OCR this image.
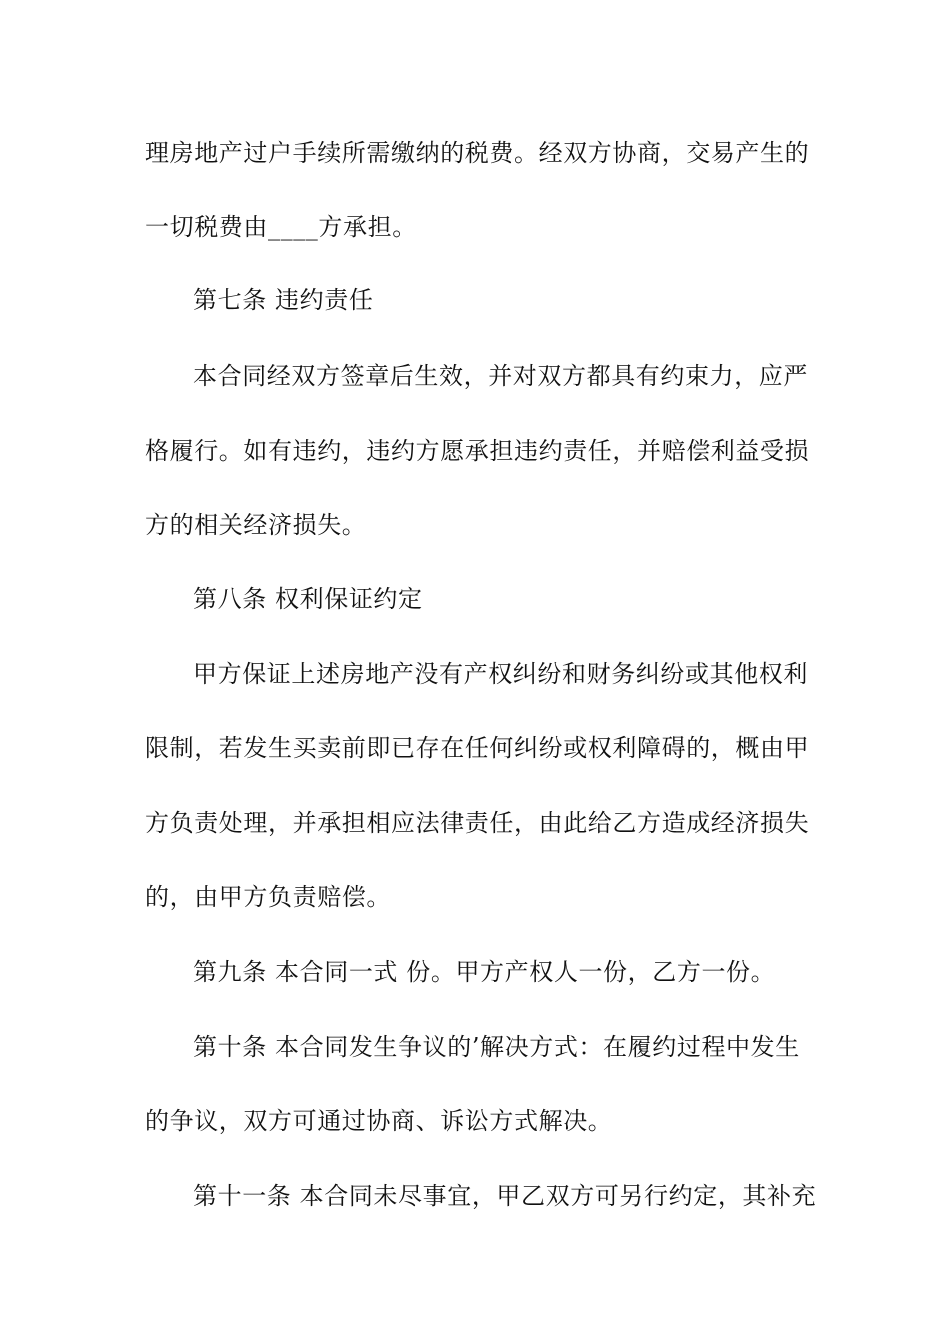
理房地产过户手续所需缴纳的税费。经双方协商，交易产生的
一切税费由____方承担。
第七条 违约责任
本合同经双方签章后生效，并对双方都具有约束力，应严
格履行。如有违约，违约方愿承担违约责任，并赔偿利益受损
方的相关经济损失。
第八条 权利保证约定
甲方保证上述房地产没有产权纠纷和财务纠纷或其他权利
限制，若发生买卖前即已存在任何纠纷或权利障碍的，概由甲
方负责处理，并承担相应法律责任，由此给乙方造成经济损失
的，由甲方负责赔偿。
第九条 本合同一式 份。甲方产权人一份，乙方一份。
第十条 本合同发生争议的’解决方式：在履约过程中发生
的争议，双方可通过协商、诉讼方式解决。
第十一条 本合同未尽事宜，甲乙双方可另行约定，其补充
